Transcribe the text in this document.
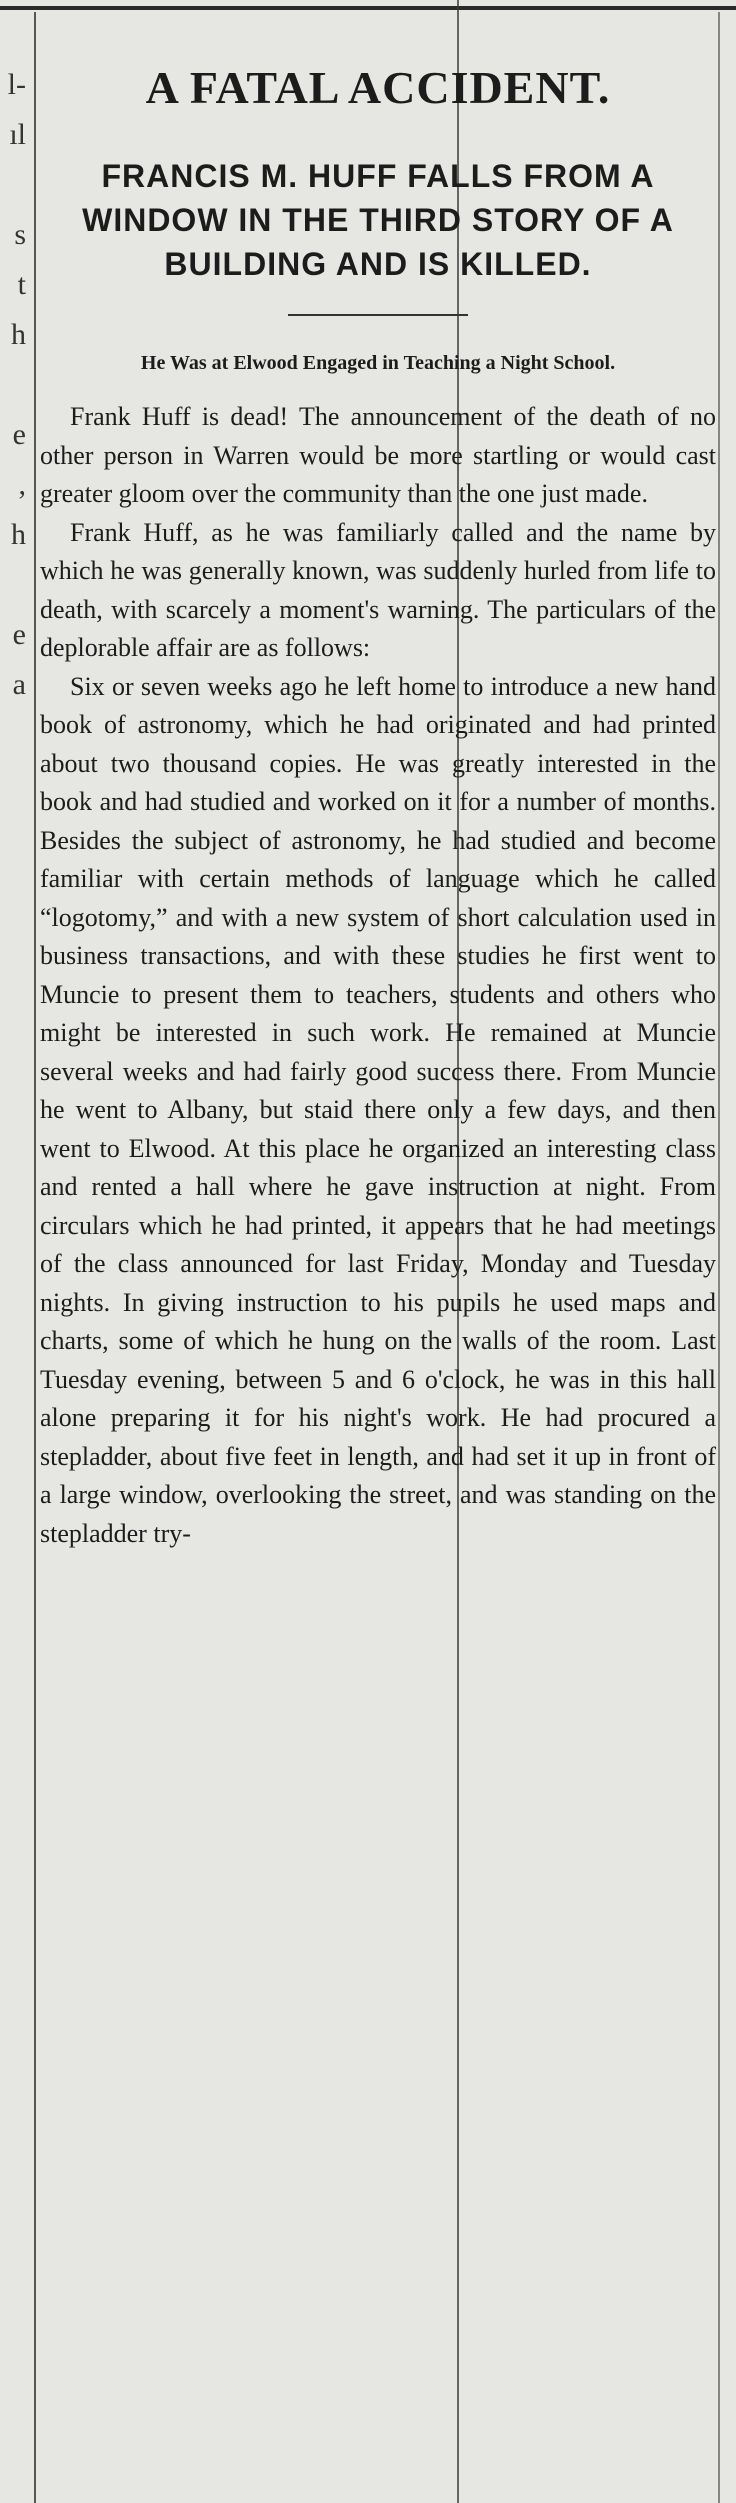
l-
ıl
s
t
h
e
,
h
e
a
A FATAL ACCIDENT.
FRANCIS M. HUFF FALLS FROM A WINDOW IN THE THIRD STORY OF A BUILDING AND IS KILLED.
He Was at Elwood Engaged in Teaching a Night School.

Frank Huff is dead! The announcement of the death of no other person in Warren would be more startling or would cast greater gloom over the community than the one just made.

Frank Huff, as he was familiarly called and the name by which he was generally known, was suddenly hurled from life to death, with scarcely a moment's warning. The particulars of the deplorable affair are as follows:

Six or seven weeks ago he left home to introduce a new hand book of astronomy, which he had originated and had printed about two thousand copies. He was greatly interested in the book and had studied and worked on it for a number of months. Besides the subject of astronomy, he had studied and become familiar with certain methods of language which he called “logotomy,” and with a new system of short calculation used in business transactions, and with these studies he first went to Muncie to present them to teachers, students and others who might be interested in such work. He remained at Muncie several weeks and had fairly good success there. From Muncie he went to Albany, but staid there only a few days, and then went to Elwood. At this place he organized an interesting class and rented a hall where he gave instruction at night. From circulars which he had printed, it appears that he had meetings of the class announced for last Friday, Monday and Tuesday nights. In giving instruction to his pupils he used maps and charts, some of which he hung on the walls of the room. Last Tuesday evening, between 5 and 6 o'clock, he was in this hall alone preparing it for his night's work. He had procured a stepladder, about five feet in length, and had set it up in front of a large window, overlooking the street, and was standing on the stepladder try-
